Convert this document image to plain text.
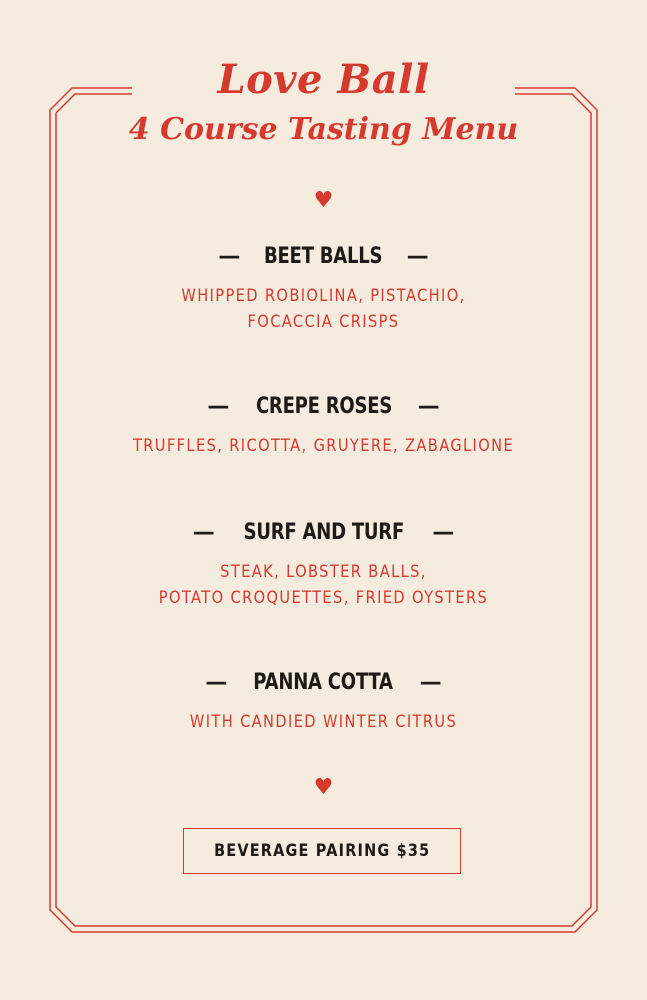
Love Ball
4 Course Tasting Menu
♥
— BEET BALLS —
WHIPPED ROBIOLINA, PISTACHIO,
FOCACCIA CRISPS
— CREPE ROSES —
TRUFFLES, RICOTTA, GRUYERE, ZABAGLIONE
— SURF AND TURF —
STEAK, LOBSTER BALLS,
POTATO CROQUETTES, FRIED OYSTERS
— PANNA COTTA —
WITH CANDIED WINTER CITRUS
♥
BEVERAGE PAIRING $35
